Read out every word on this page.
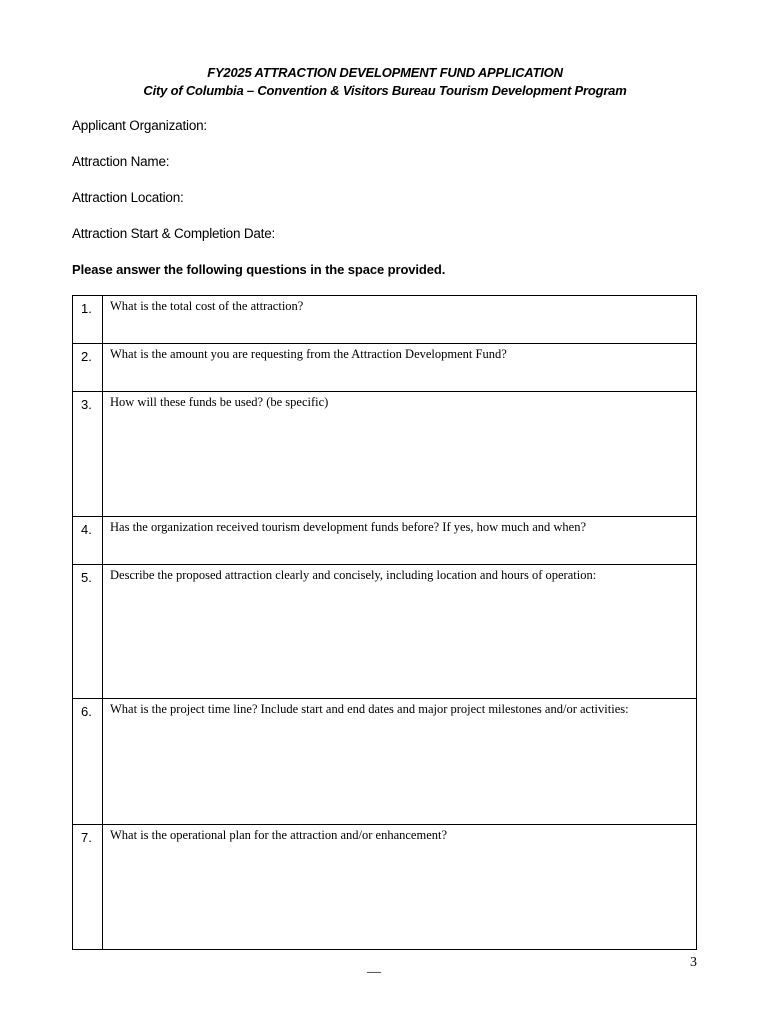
FY2025 ATTRACTION DEVELOPMENT FUND APPLICATION
City of Columbia – Convention & Visitors Bureau Tourism Development Program
Applicant Organization:
Attraction Name:
Attraction Location:
Attraction Start & Completion Date:
Please answer the following questions in the space provided.
1.	What is the total cost of the attraction?
2.	What is the amount you are requesting from the Attraction Development Fund?
3.	How will these funds be used? (be specific)
4.	Has the organization received tourism development funds before? If yes, how much and when?
5.	Describe the proposed attraction clearly and concisely, including location and hours of operation:
6.	What is the project time line? Include start and end dates and major project milestones and/or activities:
7.	What is the operational plan for the attraction and/or enhancement?
__	3
